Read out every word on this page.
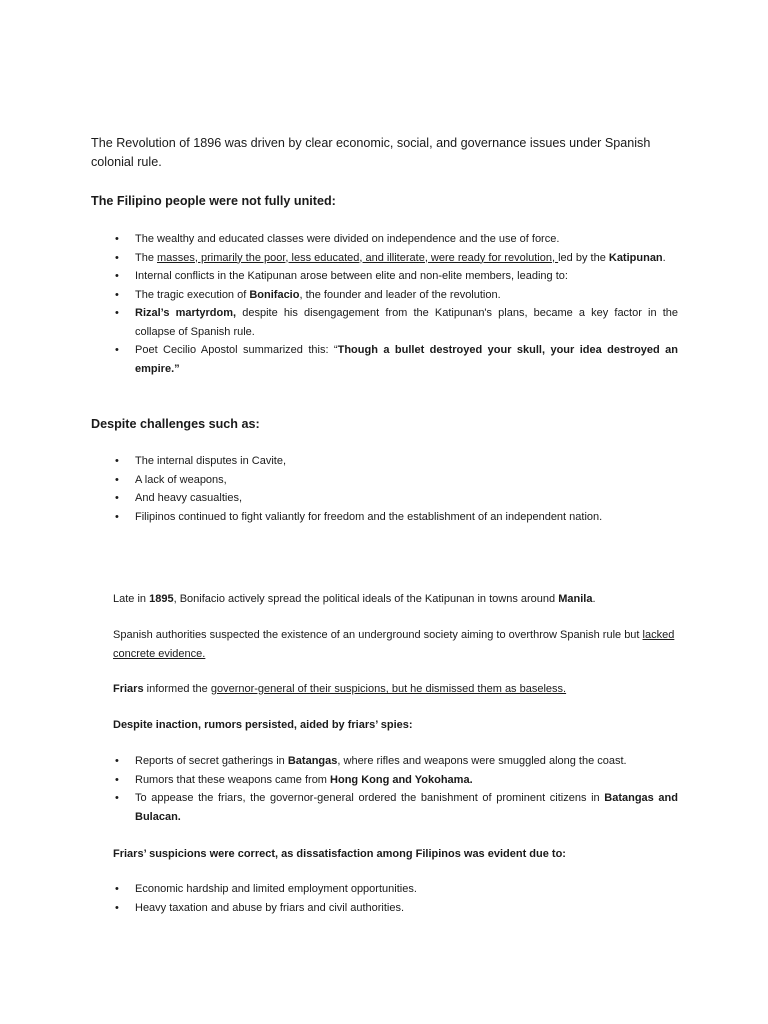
The Revolution of 1896 was driven by clear economic, social, and governance issues under Spanish colonial rule.

The Filipino people were not fully united:
• The wealthy and educated classes were divided on independence and the use of force.
• The masses, primarily the poor, less educated, and illiterate, were ready for revolution, led by the Katipunan.
• Internal conflicts in the Katipunan arose between elite and non-elite members, leading to:
• The tragic execution of Bonifacio, the founder and leader of the revolution.
• Rizal’s martyrdom, despite his disengagement from the Katipunan's plans, became a key factor in the collapse of Spanish rule.
• Poet Cecilio Apostol summarized this: “Though a bullet destroyed your skull, your idea destroyed an empire.”
Despite challenges such as:
• The internal disputes in Cavite,
• A lack of weapons,
• And heavy casualties,
• Filipinos continued to fight valiantly for freedom and the establishment of an independent nation.

Late in 1895, Bonifacio actively spread the political ideals of the Katipunan in towns around Manila.

Spanish authorities suspected the existence of an underground society aiming to overthrow Spanish rule but lacked concrete evidence.

Friars informed the governor-general of their suspicions, but he dismissed them as baseless.

Despite inaction, rumors persisted, aided by friars’ spies:

• Reports of secret gatherings in Batangas, where rifles and weapons were smuggled along the coast.
• Rumors that these weapons came from Hong Kong and Yokohama.
• To appease the friars, the governor-general ordered the banishment of prominent citizens in Batangas and Bulacan.

Friars’ suspicions were correct, as dissatisfaction among Filipinos was evident due to:

• Economic hardship and limited employment opportunities.
• Heavy taxation and abuse by friars and civil authorities.
